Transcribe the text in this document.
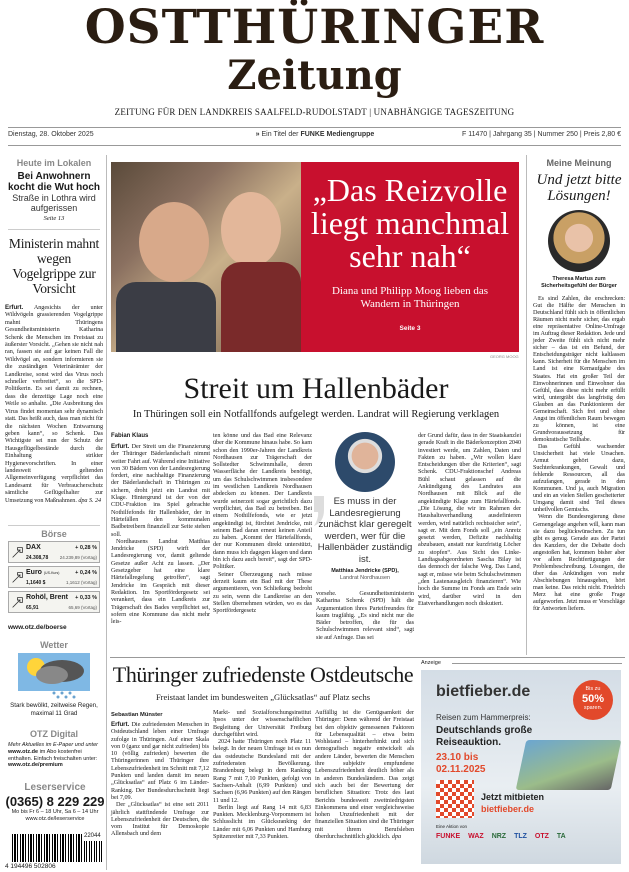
OSTTHÜRINGER
Zeitung
ZEITUNG FÜR DEN LANDKREIS SAALFELD-RUDOLSTADT | UNABHÄNGIGE TAGESZEITUNG
Dienstag, 28. Oktober 2025	» Ein Titel der FUNKE Mediengruppe	F 11470 | Jahrgang 35 | Nummer 250 | Preis 2,80 €
Heute im Lokalen
Bei Anwohnern kocht die Wut hoch
Straße in Lothra wird aufgerissen
Seite 13
Ministerin mahnt wegen Vogelgrippe zur Vorsicht
Erfurt. Angesichts der unter Wildvögeln grassierenden Vogelgrippe mahnt Thüringens Gesundheitsministerin Katharina Schenk die Menschen im Freistaat zu äußerster Vorsicht. „Gehen sie nicht nah ran, fassen sie auf gar keinen Fall die Wildvögel an, sondern informieren sie die zuständigen Veterinärämter der Landkreise, sonst wird das Virus noch schneller verbreitet“, so die SPD-Politikerin. Es sei damit zu rechnen, dass die derzeitige Lage noch eine Weile so anhalte. „Die Ausbreitung des Virus findet momentan sehr dynamisch statt. Das heißt auch, dass man nicht für die nächsten Wochen Entwarnung geben kann“, so Schenk. Das Wichtigste sei nun der Schutz der Hausgeflügelbestände durch die Einhaltung strikter Hygienevorschriften. In einer landesweit geltenden Allgemeinverfügung verpflichtet das Landesamt für Verbraucherschutz sämtliche Geflügelhalter zur Umsetzung von Maßnahmen. dpa S. 24
Börse
DAX	+ 0,28 %
24.308,78	24.239,89 (Vortag)
Euro (US-Kurs)	+ 0,24 %
1,1640 $	1,1612 (Vortag)
Rohöl, Brent + 0,33 %
65,91	65,69 (Vortag)
www.otz.de/boerse
Wetter
Stark bewölkt, zeitweise Regen, maximal 11 Grad
OTZ Digital
Mehr Aktuelles im E-Paper und unter www.otz.de im Abo kostenfrei enthalten. Einfach freischalten unter: www.otz.de/premium
Leserservice
(0365) 8 229 229
Mo bis Fr 6 – 18 Uhr, Sa 6 – 14 Uhr
www.otz.de/leserservice
22044
4 194496 502806
„Das Reizvolle liegt manchmal sehr nah“
Diana und Philipp Moog lieben das Wandern in Thüringen
Seite 3
GEORG MOOG
Meine Meinung
Und jetzt bitte Lösungen!
Theresa Martus zum Sicherheitsgefühl der Bürger

Es sind Zahlen, die erschrecken: Gut die Hälfte der Menschen in Deutschland fühlt sich in öffentlichen Räumen nicht mehr sicher, das ergab eine repräsentative Online-Umfrage im Auftrag dieser Redaktion. Jede und jeder Zweite fühlt sich nicht mehr sicher – das ist ein Befund, der Entscheidungsträger nicht kaltlassen kann. Sicherheit für die Menschen im Land ist eine Kernaufgabe des Staates. Hat ein großer Teil der Einwohnerinnen und Einwohner das Gefühl, dass diese nicht mehr erfüllt wird, untergräbt das langfristig den Glauben an das Funktionieren der Gemeinschaft. Sich frei und ohne Angst im öffentlichen Raum bewegen zu können, ist eine Grundvoraussetzung für demokratische Teilhabe.

Das Gefühl wachsender Unsicherheit hat viele Ursachen. Armut gehört dazu, Suchterkrankungen, Gewalt und fehlende Ressourcen, all das aufzufangen, gerade in den Kommunen. Und ja, auch Migration und ein an vielen Stellen gescheiterter Umgang damit sind Teil dieses unheilvollen Gemischs.

Wenn die Bundesregierung diese Gemengelage angehen will, kann man sie dazu beglückwünschen. Zu tun gibt es genug. Gerade aus der Partei des Kanzlers, der die Debatte doch angestoßen hat, kommen bisher aber vor allem Rechtfertigungen der Problembeschreibung. Lösungen, die über das Ankündigen von mehr Abschiebungen hinausgehen, hört man keine. Das reicht nicht. Friedrich Merz hat eine große Frage aufgeworfen. Jetzt muss er Vorschläge für Antworten liefern.

Streit um Hallenbäder
In Thüringen soll ein Notfallfonds aufgelegt werden. Landrat will Regierung verklagen
Fabian Klaus

Erfurt. Der Streit um die Finanzierung der Thüringer Bäderlandschaft nimmt weiter Fahrt auf. Während eine Initiative von 30 Bädern von der Landesregierung fordert, eine nachhaltige Finanzierung der Bäderlandschaft in Thüringen zu sichern, droht jetzt ein Landrat mit Klage. Hintergrund ist der von der CDU-Fraktion ins Spiel gebrachte Nothilfefonds für Hallenbäder, der in Härtefällen den kommunalen Badbetreibern finanziell zur Seite stehen soll.

Nordhausens Landrat Matthias Jendricke (SPD) wirft der Landesregierung vor, damit geltende Gesetze außer Acht zu lassen. „Der Gesetzgeber hat eine klare Härtefallregelung getroffen“, sagt Jendricke im Gespräch mit dieser Redaktion. Im Sportfördergesetz sei verankert, dass ein Landkreis zur Trägerschaft des Bades verpflichtet sei, sofern eine Kommune das nicht mehr leis-

ten könne und das Bad eine Relevanz über die Kommune hinaus habe. So kam schon den 1990er-Jahren der Landkreis Nordhausen zur Trägerschaft der Sollstedter Schwimmhalle, deren Wasserfläche der Landkreis benötigt, um das Schulschwimmen insbesondere im westlichen Landkreis Nordhausen abdecken zu können. Der Landkreis wurde seinerzeit sogar gerichtlich dazu verpflichtet, das Bad zu betreiben. Bei einem Nothilfefonds, wie er jetzt angekündigt ist, fürchtet Jendricke, mit seinem Bad daran erneut keinen Anteil zu haben. „Kommt der Härtefallfonds, der nur Kommunen direkt unterstützt, dann muss ich dagegen klagen und dann bin ich dazu auch bereit“, sagt der SPD-Politiker.

Seiner Überzeugung nach müsse derzeit kaum ein Bad mit der These argumentieren, von Schließung bedroht zu sein, wenn die Landkreise an den Stellen übernehmen würden, wo es das Sportfördergesetz

Es muss in der Landesregierung zunächst klar geregelt werden, wer für die Hallenbäder zuständig ist.
Matthias Jendricke (SPD),
Landrat Nordhausen

vorsehe. Gesundheitsministerin Katharina Schenk (SPD) hält die Argumentation ihres Parteifreundes für kaum tragfähig. „Es sind nicht nur die Bäder betroffen, die für das Schulschwimmen relevant sind“, sagt sie auf Anfrage. Das sei

der Grund dafür, dass in der Staatskanzlei gerade Kraft in die Bäderkonzeption 2040 investiert werde, um Zahlen, Daten und Fakten zu haben. „Wir wollen klare Entscheidungen über die Kriterien“, sagt Schenk. CDU-Fraktionschef Andreas Bühl schaut gelassen auf die Ankündigung des Landrates aus Nordhausen mit Blick auf die angekündigte Klage zum Härtefallfonds. „Die Lösung, die wir im Rahmen der Haushaltsverhandlung ausdefinieren werden, wird natürlich rechtssicher sein“, sagt er. Mit dem Fonds soll „ein Anreiz gesetzt werden, Defizite nachhaltig abzubauen, anstatt nur kurzfristig Löcher zu stopfen“. Aus Sicht des Linke-Landtagsabgeordneten Sascha Bilay ist das dennoch der falsche Weg. Das Land, sagt er, müsse wie beim Schulschwimmen „den Lastenausgleich finanzieren“. Wie hoch die Summe im Fonds am Ende sein wird, darüber wird in den Etatverhandlungen noch diskutiert.

Thüringer zufriedenste Ostdeutsche
Freistaat landet im bundesweiten „Glücksatlas“ auf Platz sechs
Sebastian Münster

Erfurt. Die zufriedensten Menschen in Ostdeutschland leben einer Umfrage zufolge in Thüringen. Auf einer Skala von 0 (ganz und gar nicht zufrieden) bis 10 (völlig zufrieden) bewerten die Thüringerinnen und Thüringer ihre Lebenszufriedenheit im Schnitt mit 7,12 Punkten und landen damit im neuen „Glücksatlas“ auf Platz 6 im Länder-Ranking. Der Bundesdurchschnitt liegt bei 7,09.

Der „Glücksatlas“ ist eine seit 2011 jährlich stattfindende Umfrage zur Lebenszufriedenheit der Deutschen, die vom Institut für Demoskopie Allensbach und dem

Markt- und Sozialforschungsinstitut Ipsos unter der wissenschaftlichen Begleitung der Universität Freiburg durchgeführt wird.

2024 hatte Thüringen noch Platz 11 belegt. In der neuen Umfrage ist es nun das ostdeutsche Bundesland mit der zufriedensten Bevölkerung. Brandenburg belegt in dem Ranking Rang 7 mit 7,10 Punkten, gefolgt von Sachsen-Anhalt (6,99 Punkten) und Sachsen (6,96 Punkten) auf den Rängen 11 und 12.

Berlin liegt auf Rang 14 mit 6,83 Punkten. Mecklenburg-Vorpommern ist Schlusslicht im Glücksranking der Länder mit 6,06 Punkten und Hamburg Spitzenreiter mit 7,33 Punkten.

Auffällig ist die Genügsamkeit der Thüringer: Denn während der Freistaat bei den objektiv gemessenen Faktoren für Lebensqualität – etwa beim Wohlstand – hinterherhinkt und sich demografisch negativ entwickelt als andere Länder, bewerten die Menschen ihre subjektiv empfundene Lebenszufriedenheit deutlich höher als in anderen Bundesländern. Das zeigt sich auch bei der Bewertung der beruflichen Situation: Trotz des laut Berichts bundesweit zweitniedrigsten Einkommens und einer vergleichsweise hohen Unzufriedenheit mit der finanziellen Situation sind die Thüringer mit ihrem Berufsleben überdurchschnittlich glücklich. dpa

Anzeige
bietfieber.de	Bis zu
50%
sparen.
Reisen zum Hammerpreis:
Deutschlands große Reiseauktion.
23.10 bis 02.11.2025
Jetzt mitbieten
bietfieber.de
Eine Aktion von
FUNKE WAZ NRZ TLZ OTZ TA
